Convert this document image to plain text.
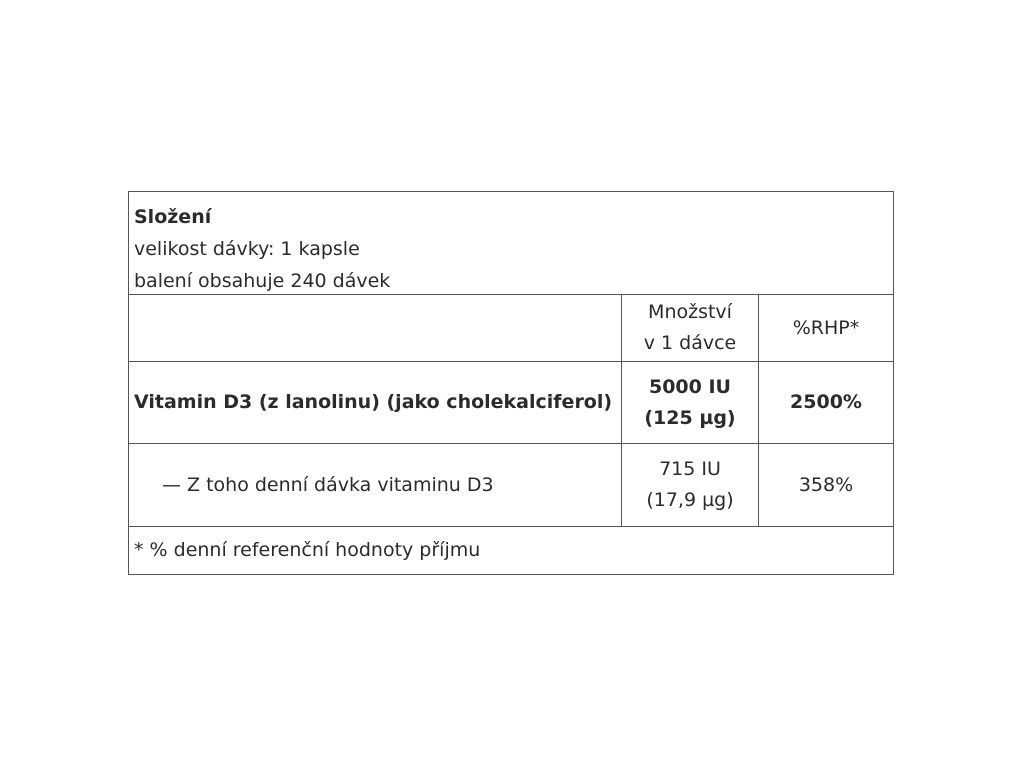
Složení
velikost dávky: 1 kapsle
balení obsahuje 240 dávek
Množství
v 1 dávce
%RHP*
Vitamin D3 (z lanolinu) (jako cholekalciferol)
5000 IU
(125 µg)
2500%
— Z toho denní dávka vitaminu D3
715 IU
(17,9 µg)
358%
* % denní referenční hodnoty příjmu
